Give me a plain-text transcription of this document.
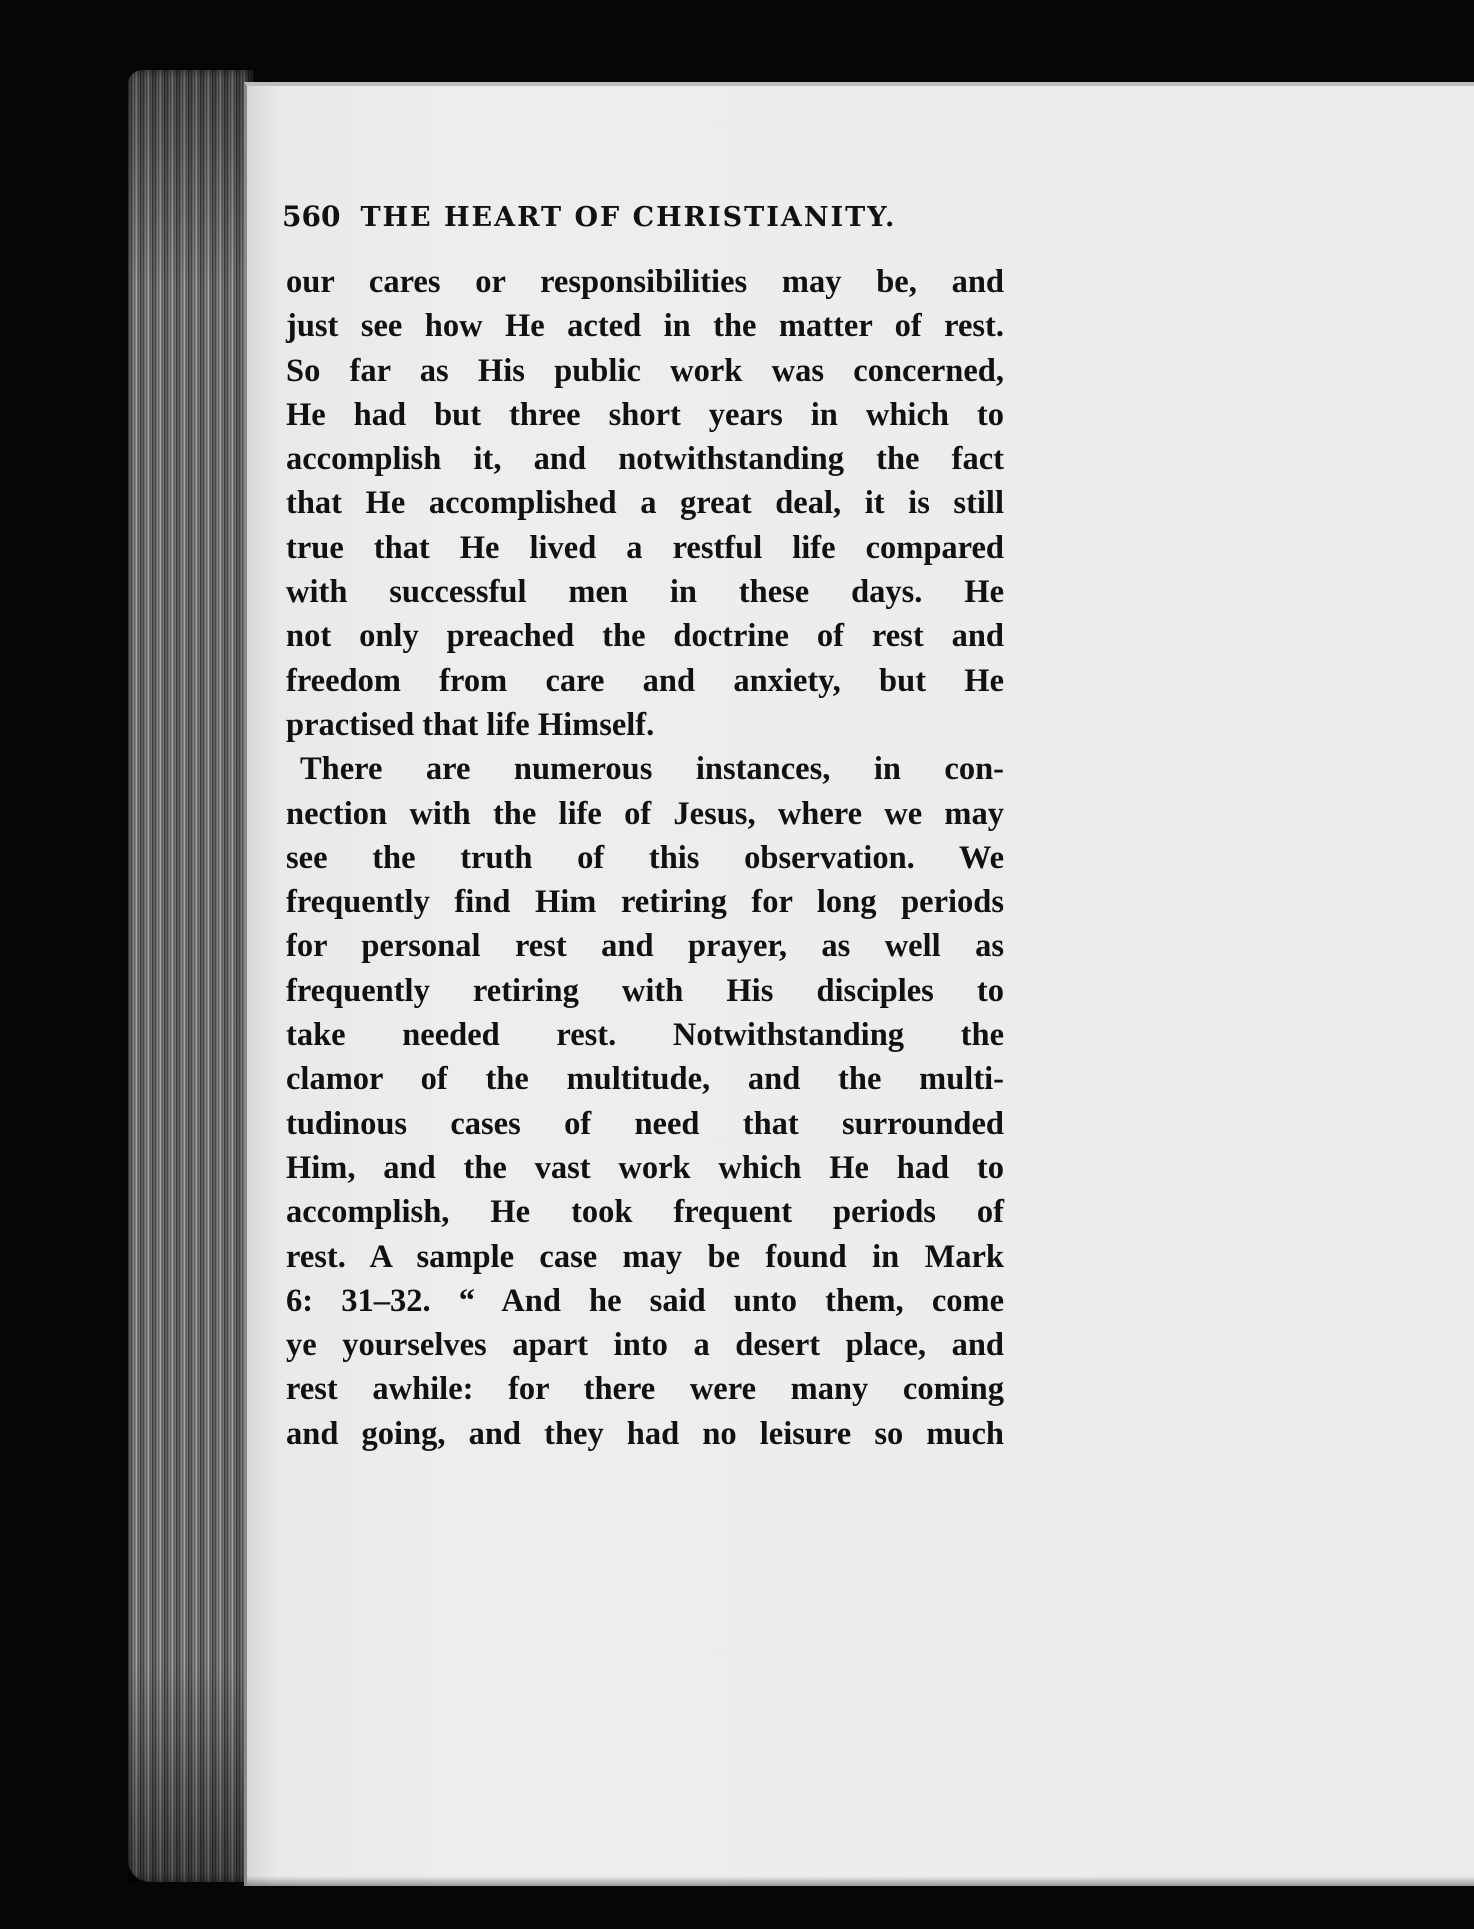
560 THE HEART OF CHRISTIANITY.
our cares or responsibilities may be, and
just see how He acted in the matter of rest.
So far as His public work was concerned,
He had but three short years in which to
accomplish it, and notwithstanding the fact
that He accomplished a great deal, it is still
true that He lived a restful life compared
with successful men in these days. He
not only preached the doctrine of rest and
freedom from care and anxiety, but He
practised that life Himself.
There are numerous instances, in con-
nection with the life of Jesus, where we may
see the truth of this observation. We
frequently find Him retiring for long periods
for personal rest and prayer, as well as
frequently retiring with His disciples to
take needed rest. Notwithstanding the
clamor of the multitude, and the multi-
tudinous cases of need that surrounded
Him, and the vast work which He had to
accomplish, He took frequent periods of
rest. A sample case may be found in Mark
6: 31–32. “ And he said unto them, come
ye yourselves apart into a desert place, and
rest awhile: for there were many coming
and going, and they had no leisure so much
